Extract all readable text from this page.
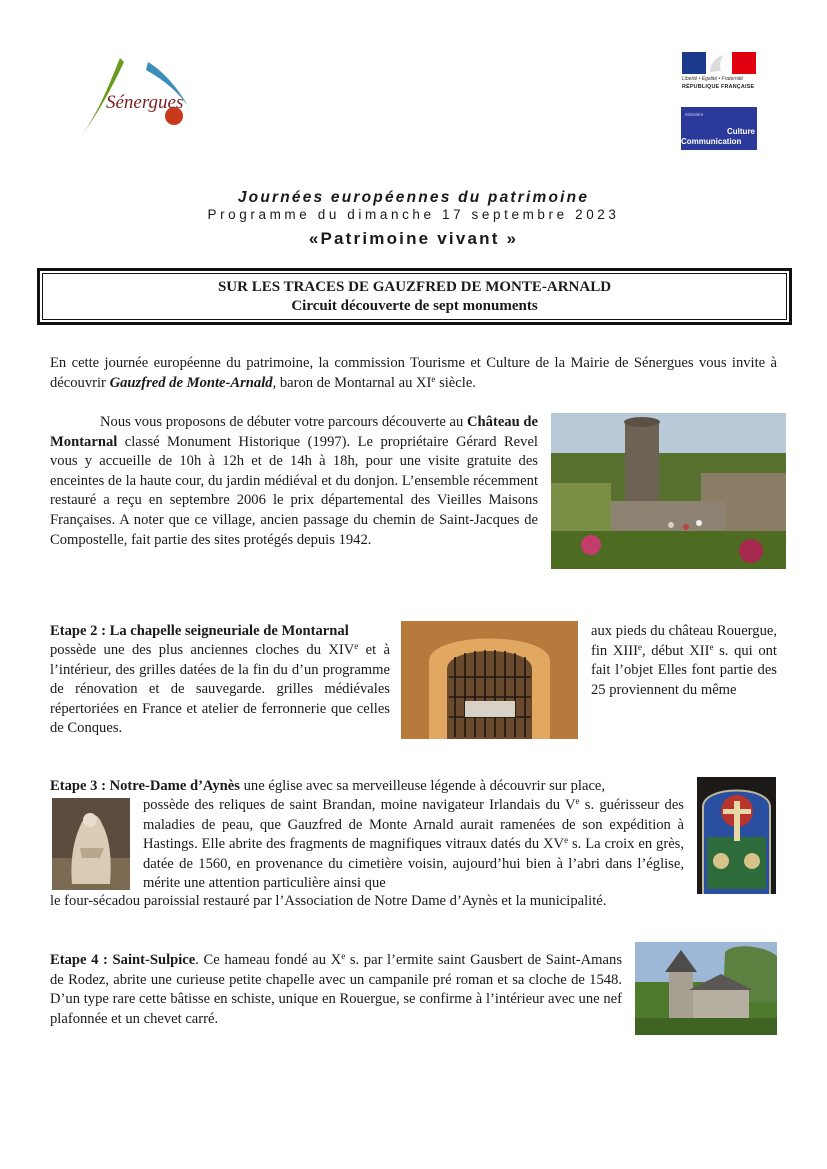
Sénergues
Liberté • Égalité • Fraternité
RÉPUBLIQUE FRANÇAISE
Ministère
Culture
Communication
Journées européennes du patrimoine
Programme du dimanche 17 septembre 2023
«Patrimoine vivant »
SUR LES TRACES DE GAUZFRED DE MONTE-ARNALD
Circuit découverte de sept monuments
En cette journée européenne du patrimoine, la commission Tourisme et Culture de la Mairie de Sénergues vous invite à découvrir Gauzfred de Monte-Arnald, baron de Montarnal au XIe siècle.
Nous vous proposons de débuter votre parcours découverte au Château de Montarnal classé Monument Historique (1997). Le propriétaire Gérard Revel vous y accueille de 10h à 12h et de 14h à 18h, pour une visite gratuite des enceintes de la haute cour, du jardin médiéval et du donjon. L’ensemble récemment restauré a reçu en septembre 2006 le prix départemental des Vieilles Maisons Françaises. A noter que ce village, ancien passage du chemin de Saint-Jacques de Compostelle, fait partie des sites protégés depuis 1942.
Etape 2 : La chapelle seigneuriale de Montarnal
possède une des plus anciennes cloches du XIVe et à l’intérieur, des grilles datées de la fin du d’un programme de rénovation et de sauvegarde. grilles médiévales répertoriées en France et atelier de ferronnerie que celles de Conques.
aux pieds du château Rouergue, fin XIIIe, début XIIe s. qui ont fait l’objet Elles font partie des 25 proviennent du même
Etape 3 : Notre-Dame d’Aynès une église avec sa merveilleuse légende à découvrir sur place,
possède des reliques de saint Brandan, moine navigateur Irlandais du Ve s. guérisseur des maladies de peau, que Gauzfred de Monte Arnald aurait ramenées de son expédition à Hastings. Elle abrite des fragments de magnifiques vitraux datés du XVe s. La croix en grès, datée de 1560, en provenance du cimetière voisin, aujourd’hui bien à l’abri dans l’église, mérite une attention particulière ainsi que
le four-sécadou paroissial restauré par l’Association de Notre Dame d’Aynès et la municipalité.
Etape 4 : Saint-Sulpice. Ce hameau fondé au Xe s. par l’ermite saint Gausbert de Saint-Amans de Rodez, abrite une curieuse petite chapelle avec un campanile pré roman et sa cloche de 1548. D’un type rare cette bâtisse en schiste, unique en Rouergue, se confirme à l’intérieur avec une nef plafonnée et un chevet carré.
